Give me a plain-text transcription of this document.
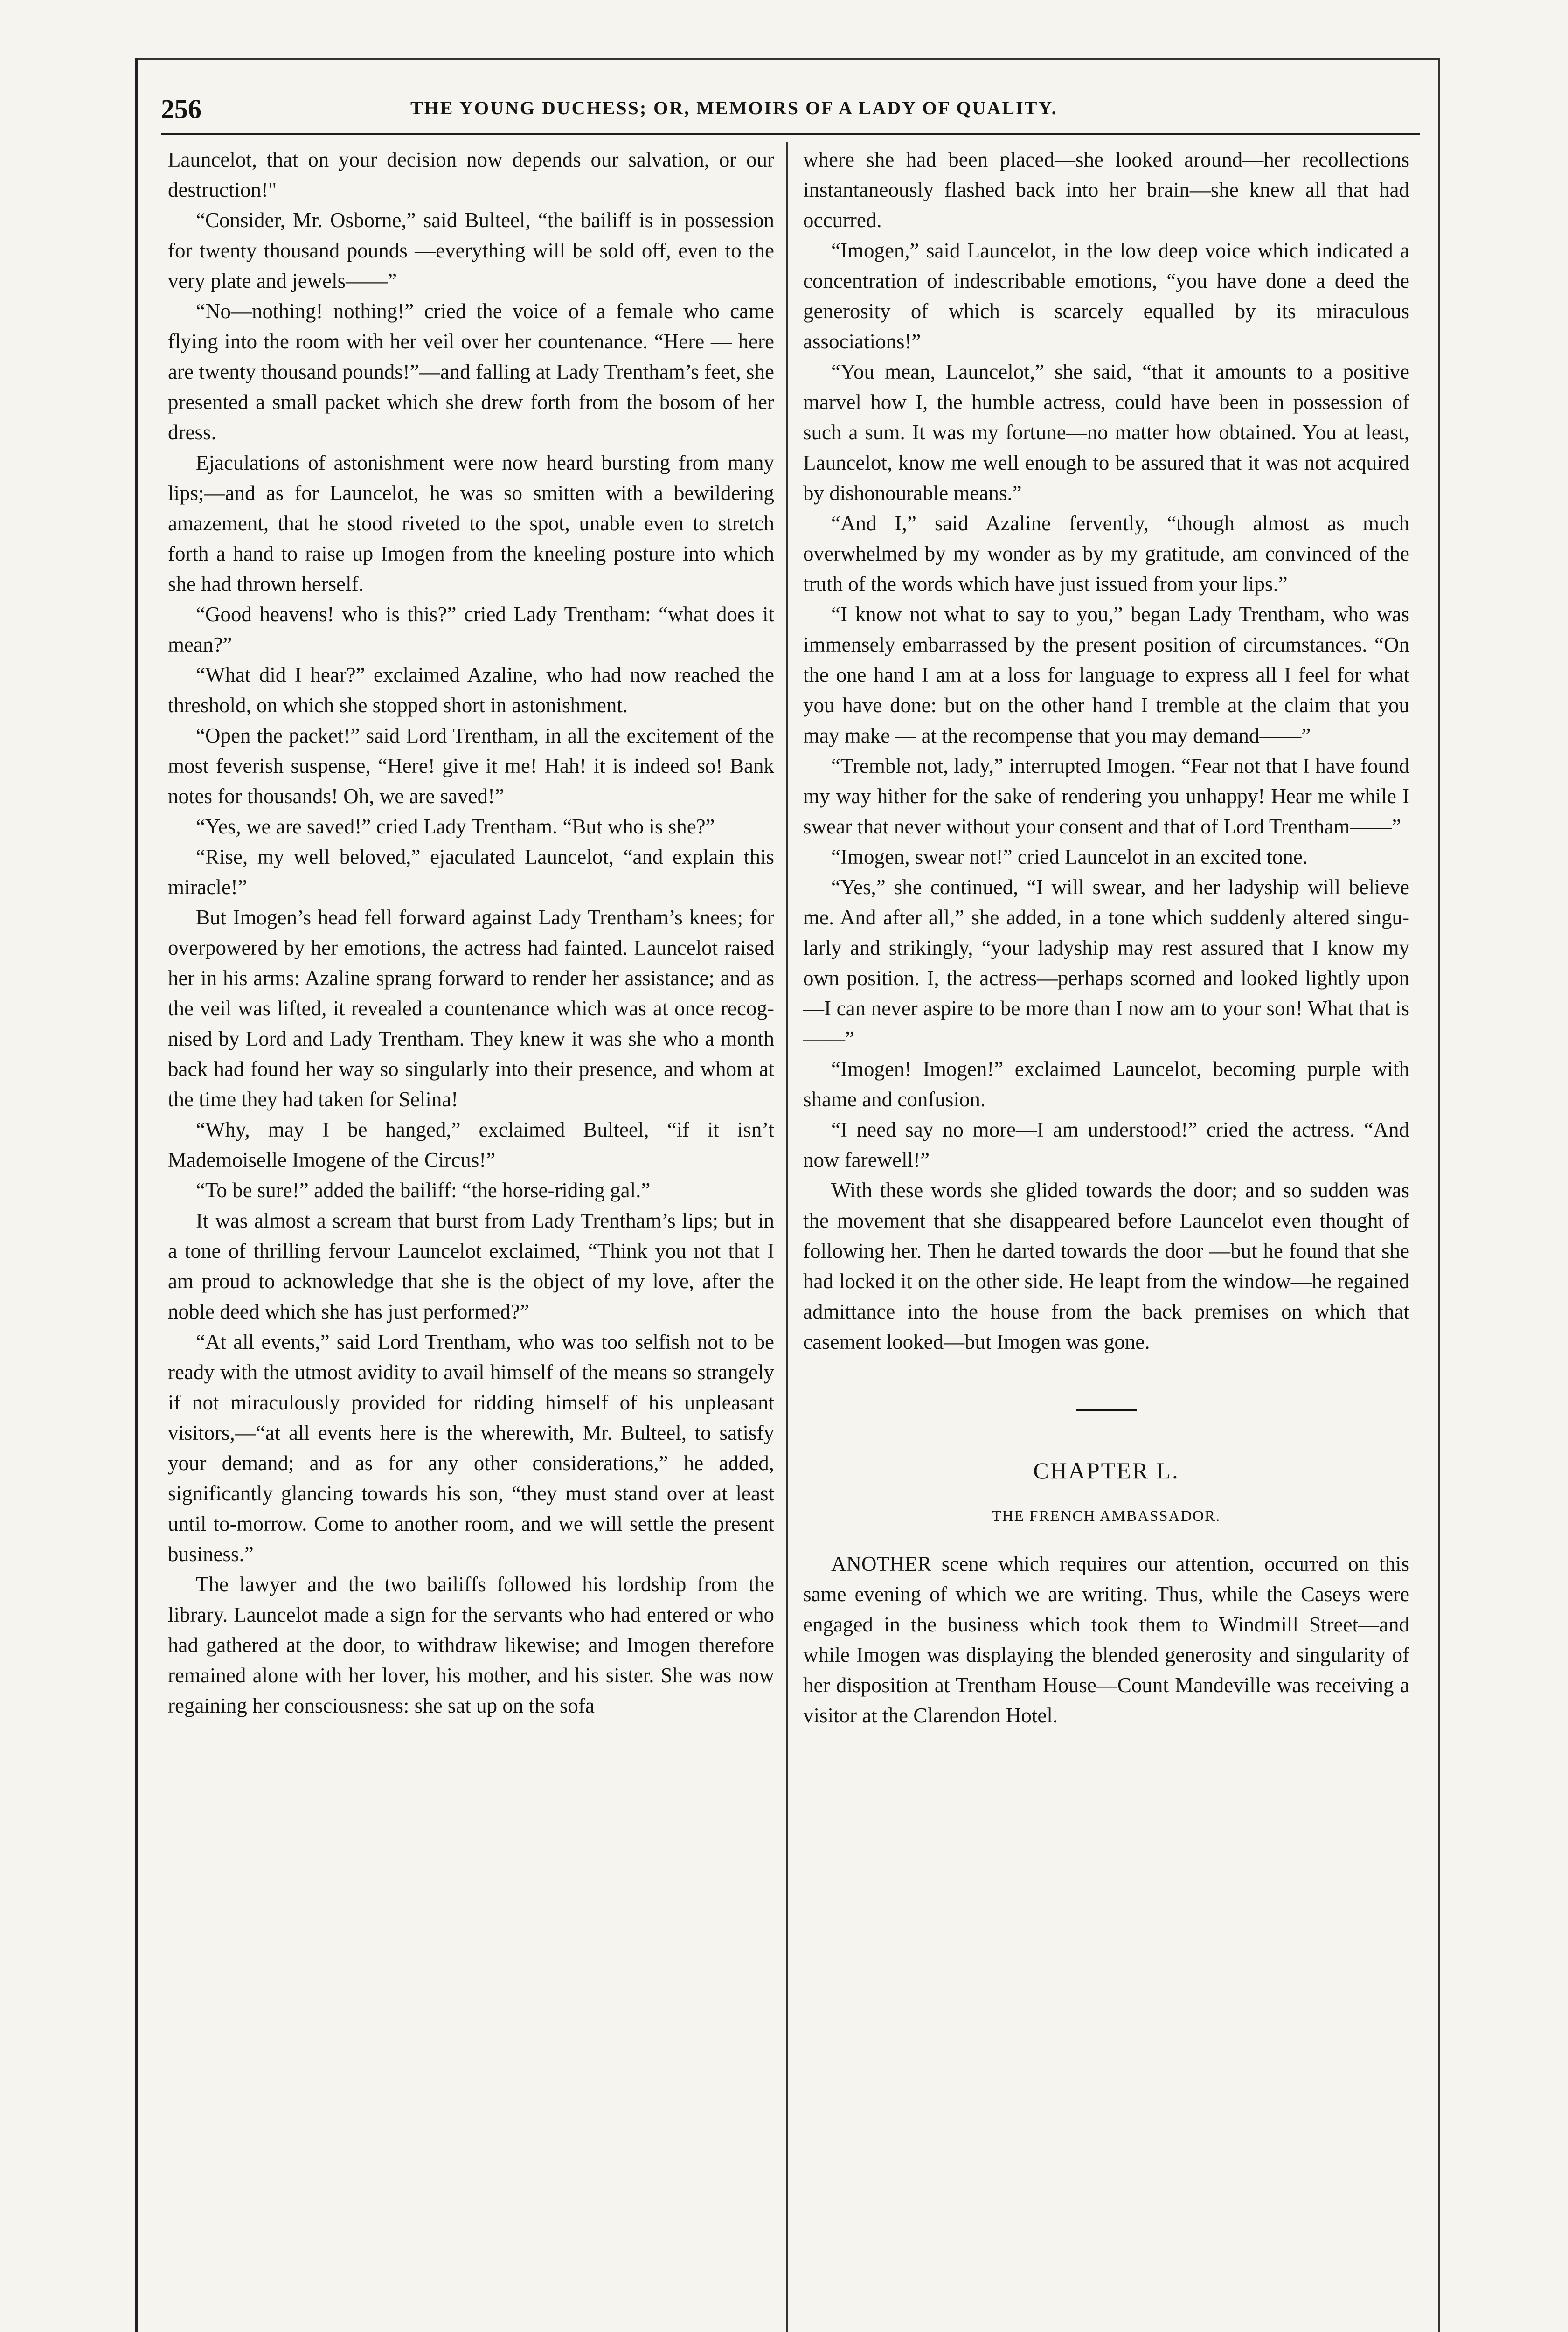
256	THE YOUNG DUCHESS; OR, MEMOIRS OF A LADY OF QUALITY.

Launcelot, that on your decision now depends our salvation, or our destruction!"

“Consider, Mr. Osborne,” said Bulteel, “the bailiff is in possession for twenty thousand pounds —everything will be sold off, even to the very plate and jewels——”

“No—nothing! nothing!” cried the voice of a female who came flying into the room with her veil over her countenance. “Here — here are twenty thousand pounds!”—and falling at Lady Trentham’s feet, she presented a small packet which she drew forth from the bosom of her dress.

Ejaculations of astonishment were now heard bursting from many lips;—and as for Launcelot, he was so smitten with a bewildering amazement, that he stood riveted to the spot, unable even to stretch forth a hand to raise up Imogen from the kneeling posture into which she had thrown herself.

“Good heavens! who is this?” cried Lady Trentham: “what does it mean?”

“What did I hear?” exclaimed Azaline, who had now reached the threshold, on which she stopped short in astonishment.

“Open the packet!” said Lord Trentham, in all the excitement of the most feverish suspense, “Here! give it me! Hah! it is indeed so! Bank notes for thousands! Oh, we are saved!”

“Yes, we are saved!” cried Lady Trentham. “But who is she?”

“Rise, my well beloved,” ejaculated Launcelot, “and explain this miracle!”

But Imogen’s head fell forward against Lady Trentham’s knees; for overpowered by her emotions, the actress had fainted. Launcelot raised her in his arms: Azaline sprang forward to render her assistance; and as the veil was lifted, it revealed a countenance which was at once recognised by Lord and Lady Trentham. They knew it was she who a month back had found her way so singularly into their presence, and whom at the time they had taken for Selina!

“Why, may I be hanged,” exclaimed Bulteel, “if it isn’t Mademoiselle Imogene of the Circus!”

“To be sure!” added the bailiff: “the horse-riding gal.”

It was almost a scream that burst from Lady Trentham’s lips; but in a tone of thrilling fervour Launcelot exclaimed, “Think you not that I am proud to acknowledge that she is the object of my love, after the noble deed which she has just performed?”

“At all events,” said Lord Trentham, who was too selfish not to be ready with the utmost avidity to avail himself of the means so strangely if not miraculously provided for ridding himself of his unpleasant visitors,—“at all events here is the wherewith, Mr. Bulteel, to satisfy your demand; and as for any other considerations,” he added, significantly glancing towards his son, “they must stand over at least until to-morrow. Come to another room, and we will settle the present business.”

The lawyer and the two bailiffs followed his lordship from the library. Launcelot made a sign for the servants who had entered or who had gathered at the door, to withdraw likewise; and Imogen therefore remained alone with her lover, his mother, and his sister. She was now regaining her consciousness: she sat up on the sofa

where she had been placed—she looked around—her recollections instantaneously flashed back into her brain—she knew all that had occurred.

“Imogen,” said Launcelot, in the low deep voice which indicated a concentration of indescribable emotions, “you have done a deed the generosity of which is scarcely equalled by its miraculous associations!”

“You mean, Launcelot,” she said, “that it amounts to a positive marvel how I, the humble actress, could have been in possession of such a sum. It was my fortune—no matter how obtained. You at least, Launcelot, know me well enough to be assured that it was not acquired by dishonourable means.”

“And I,” said Azaline fervently, “though almost as much overwhelmed by my wonder as by my gratitude, am convinced of the truth of the words which have just issued from your lips.”

“I know not what to say to you,” began Lady Trentham, who was immensely embarrassed by the present position of circumstances. “On the one hand I am at a loss for language to express all I feel for what you have done: but on the other hand I tremble at the claim that you may make — at the recompense that you may demand——”

“Tremble not, lady,” interrupted Imogen. “Fear not that I have found my way hither for the sake of rendering you unhappy! Hear me while I swear that never without your consent and that of Lord Trentham——”

“Imogen, swear not!” cried Launcelot in an excited tone.

“Yes,” she continued, “I will swear, and her ladyship will believe me. And after all,” she added, in a tone which suddenly altered singularly and strikingly, “your ladyship may rest assured that I know my own position. I, the actress—perhaps scorned and looked lightly upon —I can never aspire to be more than I now am to your son! What that is——”

“Imogen! Imogen!” exclaimed Launcelot, becoming purple with shame and confusion.

“I need say no more—I am understood!” cried the actress. “And now farewell!”

With these words she glided towards the door; and so sudden was the movement that she disappeared before Launcelot even thought of following her. Then he darted towards the door —but he found that she had locked it on the other side. He leapt from the window—he regained admittance into the house from the back premises on which that casement looked—but Imogen was gone.

CHAPTER L.
THE FRENCH AMBASSADOR.

ANOTHER scene which requires our attention, occurred on this same evening of which we are writing. Thus, while the Caseys were engaged in the business which took them to Windmill Street—and while Imogen was displaying the blended generosity and singularity of her disposition at Trentham House—Count Mandeville was receiving a visitor at the Clarendon Hotel.
